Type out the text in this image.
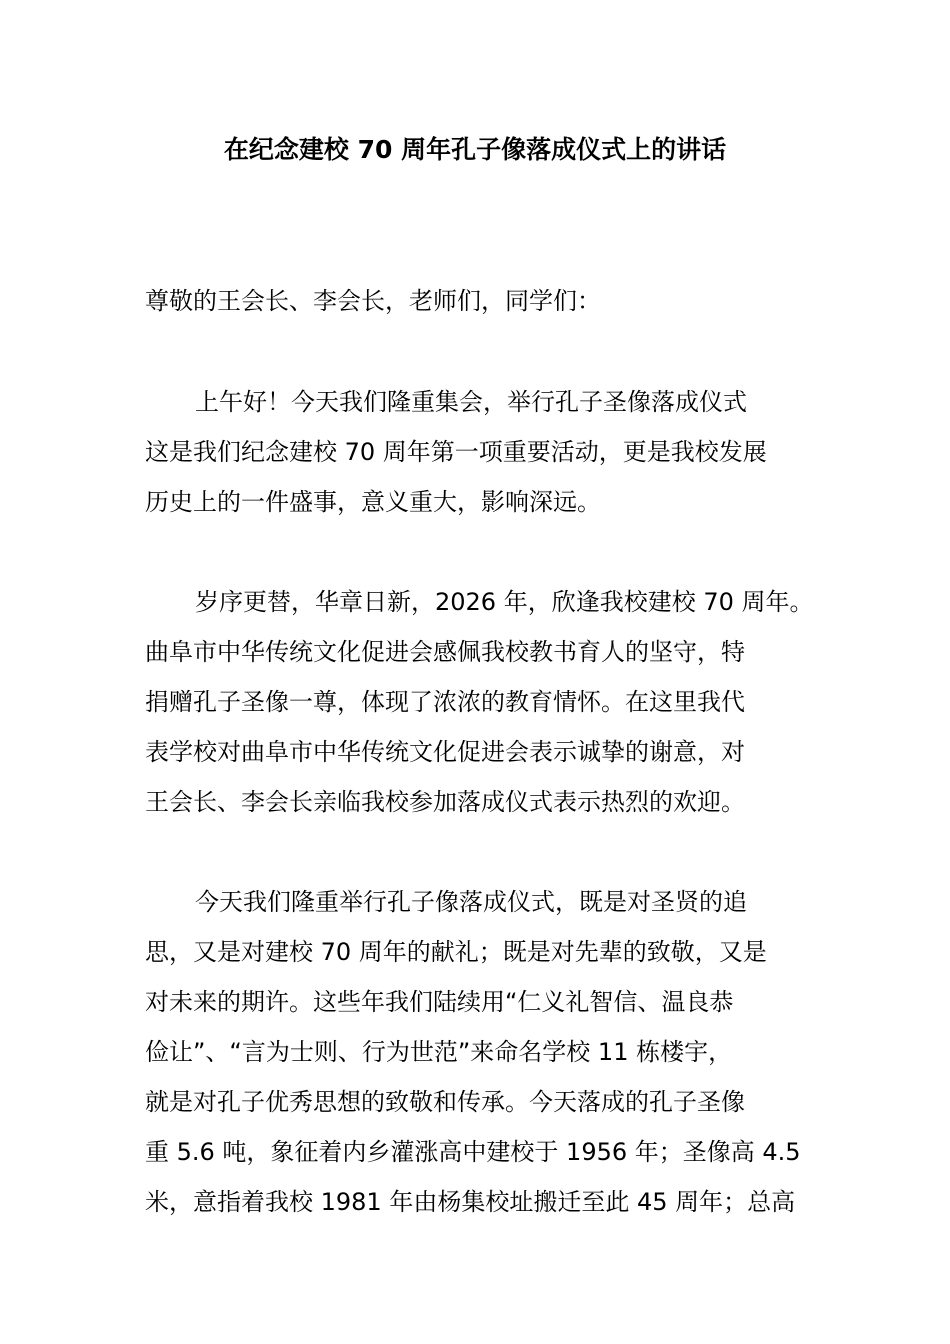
在纪念建校 70 周年孔子像落成仪式上的讲话
尊敬的王会长、李会长，老师们，同学们：
上午好！今天我们隆重集会，举行孔子圣像落成仪式
这是我们纪念建校 70 周年第一项重要活动，更是我校发展
历史上的一件盛事，意义重大，影响深远。
岁序更替，华章日新，2026 年，欣逢我校建校 70 周年。
曲阜市中华传统文化促进会感佩我校教书育人的坚守，特
捐赠孔子圣像一尊，体现了浓浓的教育情怀。在这里我代
表学校对曲阜市中华传统文化促进会表示诚挚的谢意，对
王会长、李会长亲临我校参加落成仪式表示热烈的欢迎。
今天我们隆重举行孔子像落成仪式，既是对圣贤的追
思，又是对建校 70 周年的献礼；既是对先辈的致敬，又是
对未来的期许。这些年我们陆续用“仁义礼智信、温良恭
俭让”、“言为士则、行为世范”来命名学校 11 栋楼宇，
就是对孔子优秀思想的致敬和传承。今天落成的孔子圣像
重 5.6 吨，象征着内乡灌涨高中建校于 1956 年；圣像高 4.5
米，意指着我校 1981 年由杨集校址搬迁至此 45 周年；总高
